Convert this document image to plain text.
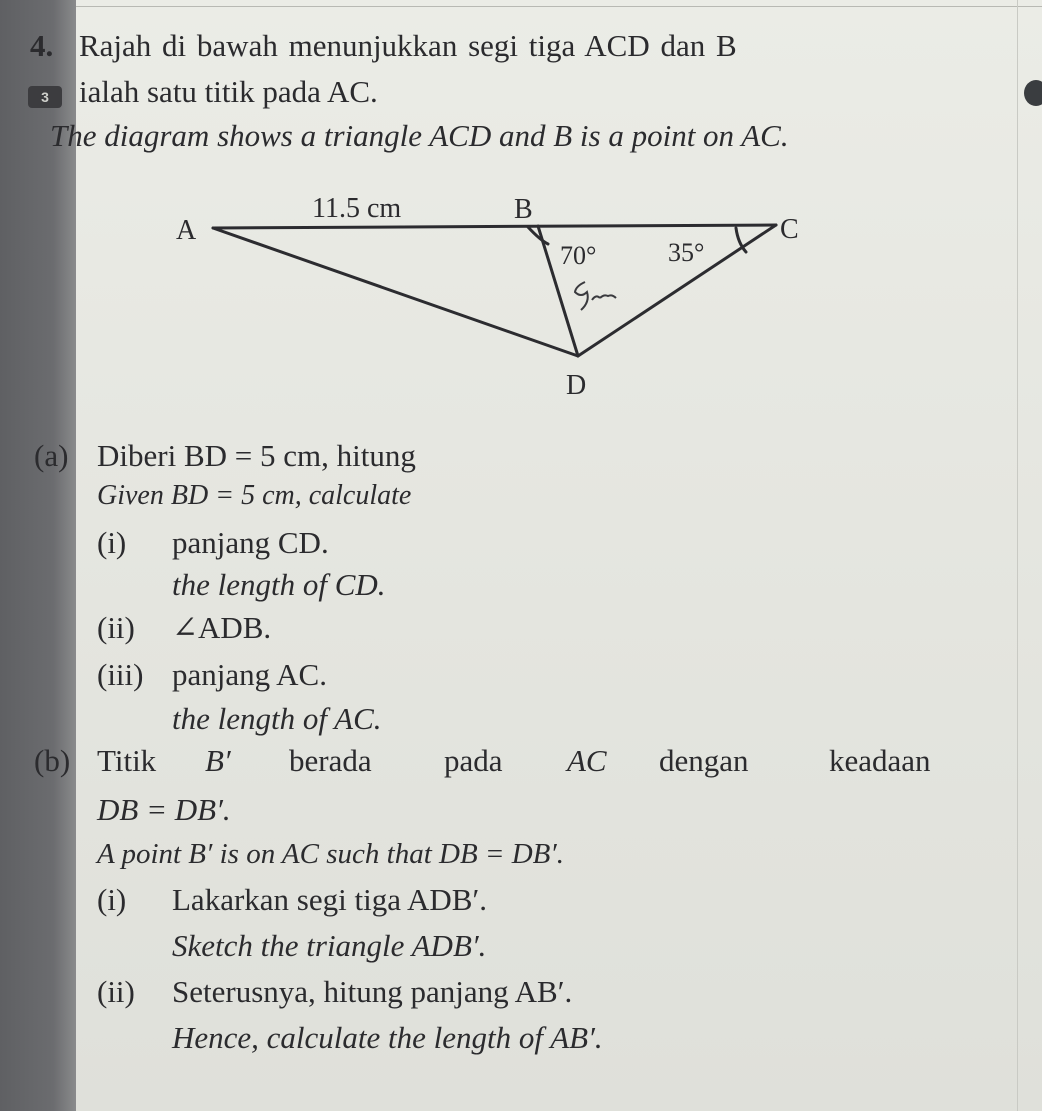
3
4. Rajah di bawah menunjukkan segi tiga ACD dan B
ialah satu titik pada AC.
The diagram shows a triangle ACD and B is a point on AC.
A
B
C
D
11.5 cm
70°	35°
(a) Diberi BD = 5 cm, hitung
Given BD = 5 cm, calculate
(i) panjang CD.
the length of CD.
(ii) ∠ADB.
(iii) panjang AC.
the length of AC.
(b) Titik B′ berada pada AC dengan	keadaan
DB = DB′.
A point B′ is on AC such that DB = DB′.
(i) Lakarkan segi tiga ADB′.
Sketch the triangle ADB′.
(ii) Seterusnya, hitung panjang AB′.
Hence, calculate the length of AB′.
